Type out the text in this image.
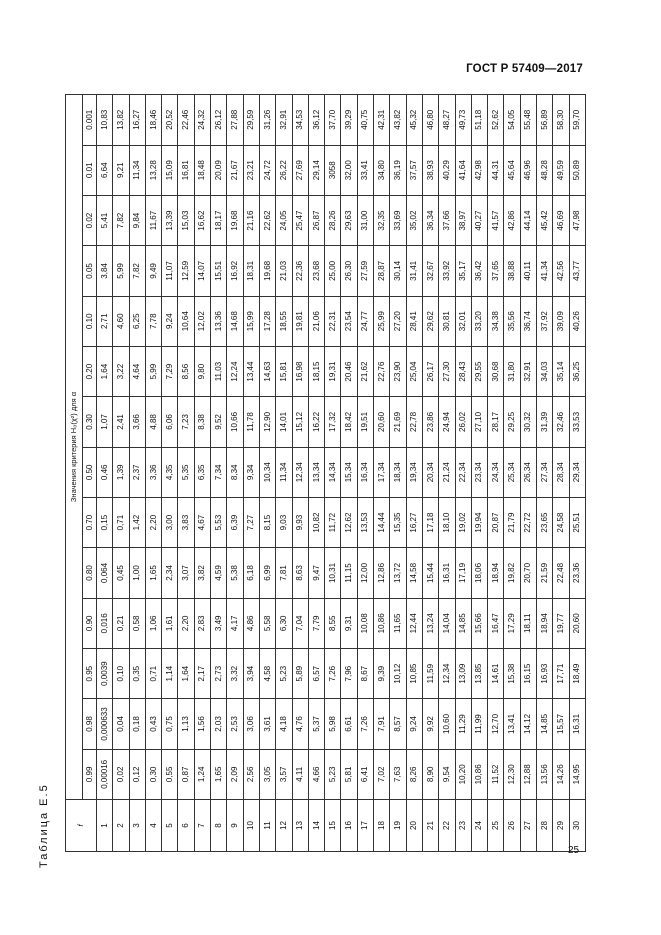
ГОСТ Р 57409—2017
Таблица Е.5	f	Значения критерия H₀(χ²) для α													
	0.99	0.98	0.95	0.90	0.80	0.70	0.50	0.30	0.20	0.10	0.05	0.02	0.01	0.001
1	0,00016	0,000633	0,0039	0,016	0,064	0,15	0,46	1,07	1,64	2,71	3,84	5,41	6,64	10,83
2	0,02	0,04	0,10	0,21	0,45	0,71	1,39	2,41	3,22	4,60	5,99	7,82	9,21	13,82
3	0,12	0,18	0,35	0,58	1,00	1,42	2,37	3,66	4,64	6,25	7,82	9,84	11,34	16,27
4	0,30	0,43	0,71	1,06	1,65	2,20	3,36	4,88	5,99	7,78	9,49	11,67	13,28	18,46
5	0,55	0,75	1,14	1,61	2,34	3,00	4,35	6,06	7,29	9,24	11,07	13,39	15,09	20,52
6	0,87	1,13	1,64	2,20	3,07	3,83	5,35	7,23	8,56	10,64	12,59	15,03	16,81	22,46
7	1,24	1,56	2,17	2,83	3,82	4,67	6,35	8,38	9,80	12,02	14,07	16,62	18,48	24,32
8	1,65	2,03	2,73	3,49	4,59	5,53	7,34	9,52	11,03	13,36	15,51	18,17	20,09	26,12
9	2,09	2,53	3,32	4,17	5,38	6,39	8,34	10,66	12,24	14,68	16,92	19,68	21,67	27,88
10	2,56	3,06	3,94	4,86	6,18	7,27	9,34	11,78	13,44	15,99	18,31	21,16	23,21	29,59
11	3,05	3,61	4,58	5,58	6,99	8,15	10,34	12,90	14,63	17,28	19,68	22,62	24,72	31,26
12	3,57	4,18	5,23	6,30	7,81	9,03	11,34	14,01	15,81	18,55	21,03	24,05	26,22	32,91
13	4,11	4,76	5,89	7,04	8,63	9,93	12,34	15,12	16,98	19,81	22,36	25,47	27,69	34,53
14	4,66	5,37	6,57	7,79	9,47	10,82	13,34	16,22	18,15	21,06	23,68	26,87	29,14	36,12
15	5,23	5,98	7,26	8,55	10,31	11,72	14,34	17,32	19,31	22,31	25,00	28,26	3058	37,70
16	5,81	6,61	7,96	9,31	11,15	12,62	15,34	18,42	20,46	23,54	26,30	29,63	32,00	39,29
17	6,41	7,26	8,67	10,08	12,00	13,53	16,34	19,51	21,62	24,77	27,59	31,00	33,41	40,75
18	7,02	7,91	9,39	10,86	12,86	14,44	17,34	20,60	22,76	25,99	28,87	32,35	34,80	42,31
19	7,63	8,57	10,12	11,65	13,72	15,35	18,34	21,69	23,90	27,20	30,14	33,69	36,19	43,82
20	8,26	9,24	10,85	12,44	14,58	16,27	19,34	22,78	25,04	28,41	31,41	35,02	37,57	45,32
21	8,90	9,92	11,59	13,24	15,44	17,18	20,34	23,86	26,17	29,62	32,67	36,34	38,93	46,80
22	9,54	10,60	12,34	14,04	16,31	18,10	21,24	24,94	27,30	30,81	33,92	37,66	40,29	48,27
23	10,20	11,29	13,09	14,85	17,19	19,02	22,34	26,02	28,43	32,01	35,17	38,97	41,64	49,73
24	10,86	11,99	13,85	15,66	18,06	19,94	23,34	27,10	29,55	33,20	36,42	40,27	42,98	51,18
25	11,52	12,70	14,61	16,47	18,94	20,87	24,34	28,17	30,68	34,38	37,65	41,57	44,31	52,62
26	12,30	13,41	15,38	17,29	19,82	21,79	25,34	29,25	31,80	35,56	38,88	42,86	45,64	54,05
27	12,88	14,12	16,15	18,11	20,70	22,72	26,34	30,32	32,91	36,74	40,11	44,14	46,96	55,48
28	13,56	14,85	16,93	18,94	21,59	23,65	27,34	31,39	34,03	37,92	41,34	45,42	48,28	56,89
29	14,26	15,57	17,71	19,77	22,48	24,58	28,34	32,46	35,14	39,09	42,56	46,69	49,59	58,30
30	14,95	16,31	18,49	20,60	23,36	25,51	29,34	33,53	36,25	40,26	43,77	47,98	50,89	59,70
25
